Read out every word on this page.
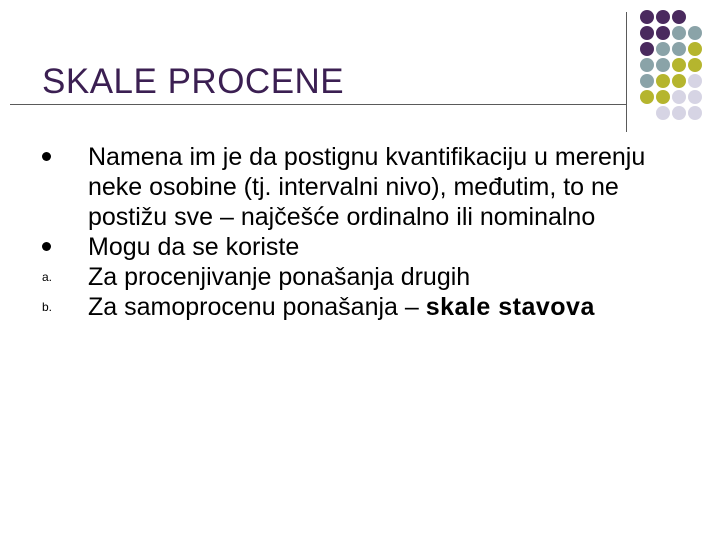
SKALE PROCENE
Namena im je da postignu kvantifikaciju u merenju neke osobine (tj. intervalni nivo), međutim, to ne postižu sve – najčešće ordinalno ili nominalno
Mogu da se koriste
a.	Za procenjivanje ponašanja drugih
b.	Za samoprocenu ponašanja – skale stavova
